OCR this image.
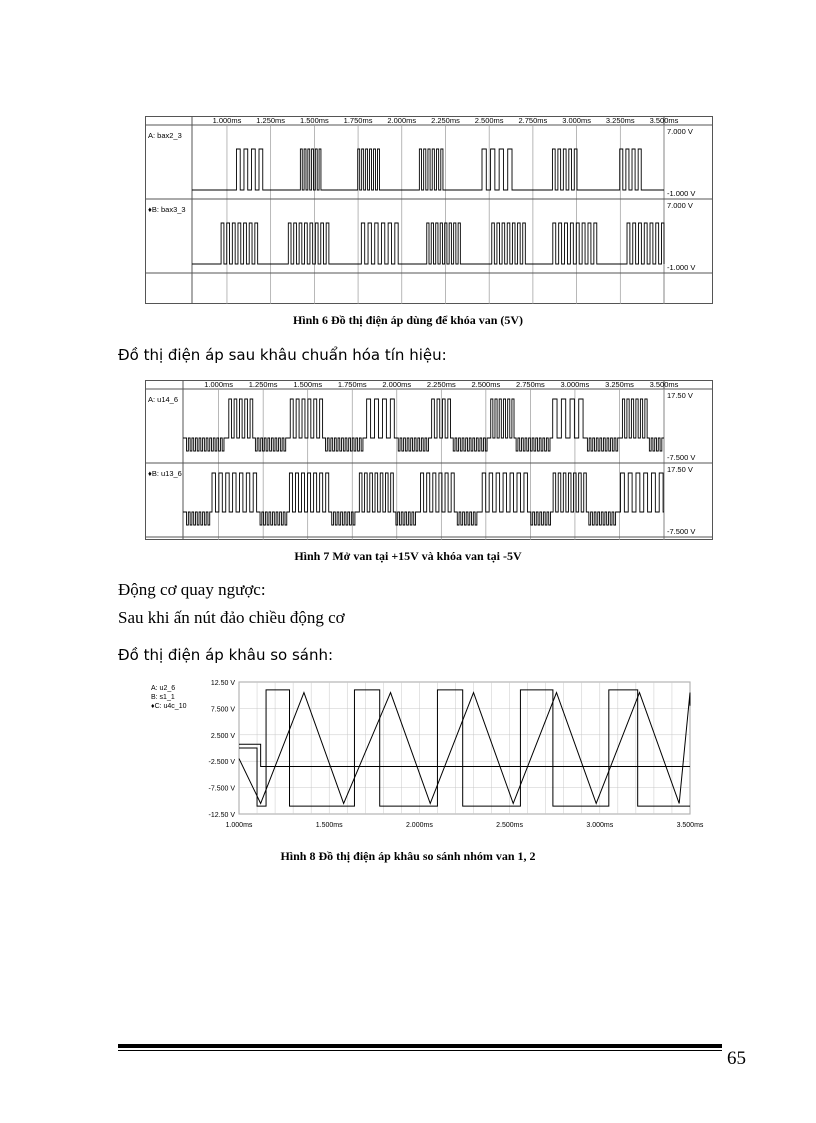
1.000ms 1.250ms 1.500ms 1.750ms 2.000ms 2.250ms 2.500ms 2.750ms 3.000ms 3.250ms 3.500ms
A: bax2_3	7.000 V
-1.000 V
♦B: bax3_3	7.000 V
-1.000 V
Hình 6 Đồ thị điện áp dùng để khóa van (5V)
Đồ thị điện áp sau khâu chuẩn hóa tín hiệu:
1.000ms 1.250ms 1.500ms 1.750ms 2.000ms 2.250ms 2.500ms 2.750ms 3.000ms 3.250ms 3.500ms
A: u14_6	17.50 V
-7.500 V
♦B: u13_6	17.50 V
-7.500 V
Hình 7 Mở van tại +15V và khóa van tại -5V
Động cơ quay ngược:
Sau khi ấn nút đảo chiều động cơ
Đồ thị điện áp khâu so sánh:
12.50 V
7.500 V
2.500 V
-2.500 V
-7.500 V
-12.50 V
1.000ms	1.500ms	2.000ms	2.500ms	3.000ms	3.500ms
A: u2_6
B: s1_1
♦C: u4c_10
Hình 8 Đồ thị điện áp khâu so sánh nhóm van 1, 2
65
